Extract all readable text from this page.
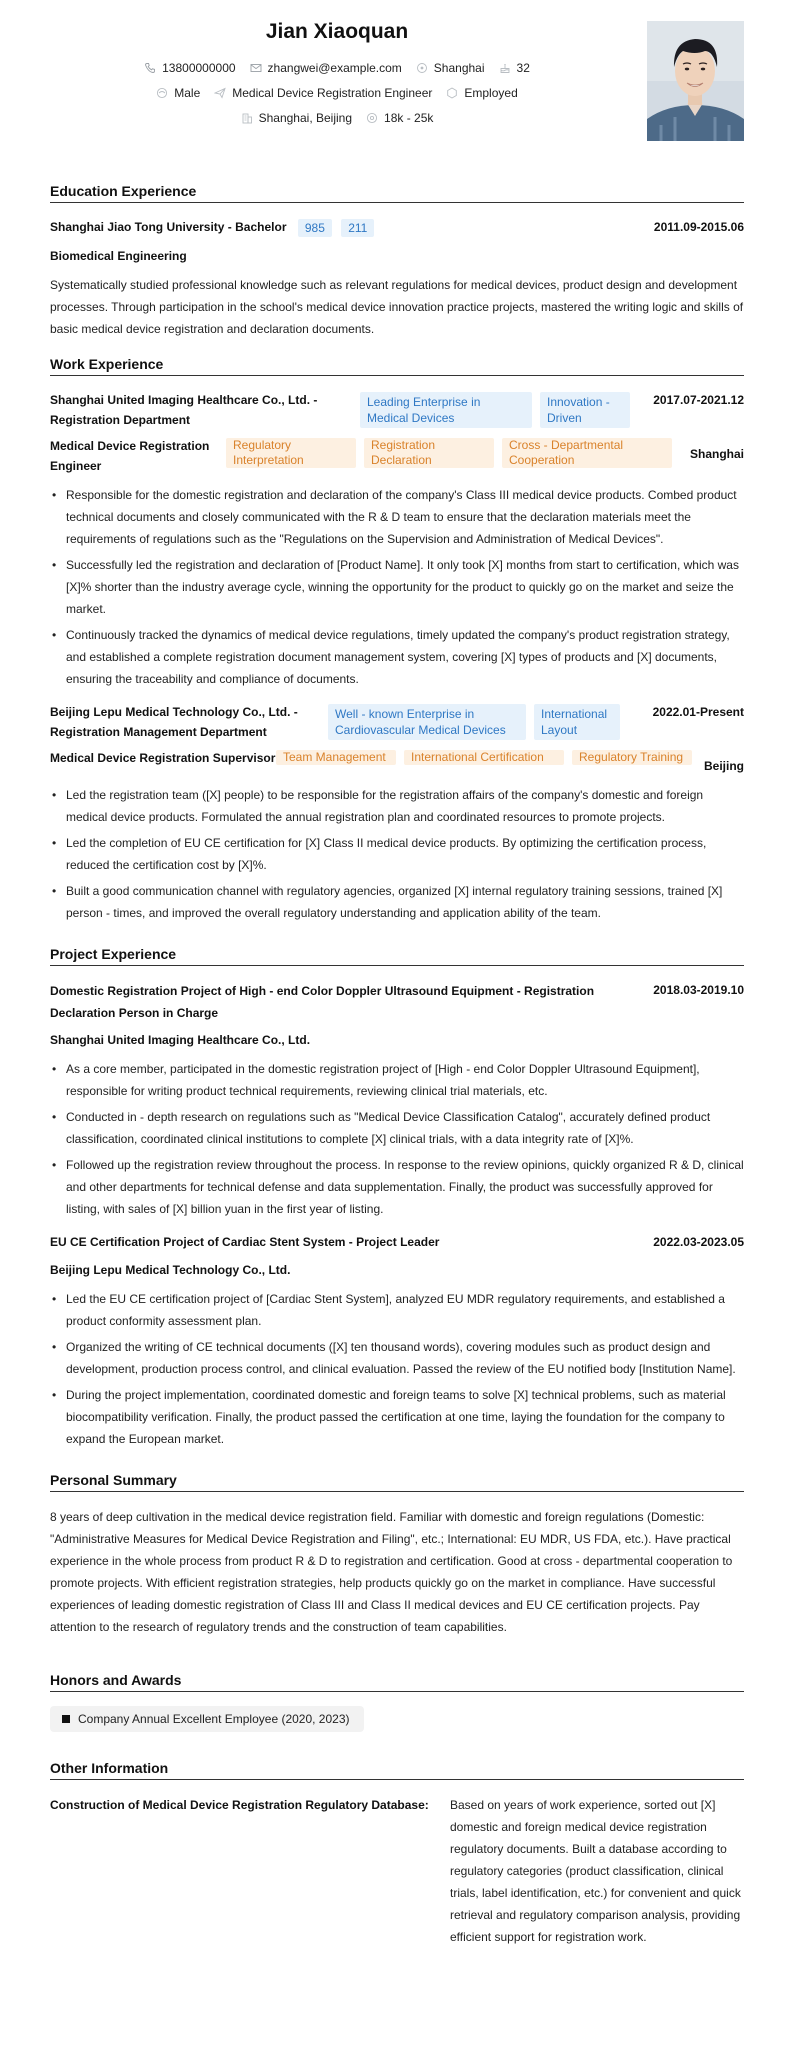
Jian Xiaoquan
13800000000	zhangwei@example.com	Shanghai	32
Male	Medical Device Registration Engineer	Employed
Shanghai, Beijing	18k - 25k
Education Experience
Shanghai Jiao Tong University - Bachelor 985 211	2011.09-2015.06
Biomedical Engineering
Systematically studied professional knowledge such as relevant regulations for medical devices, product design and development processes. Through participation in the school's medical device innovation practice projects, mastered the writing logic and skills of basic medical device registration and declaration documents.
Work Experience
Shanghai United Imaging Healthcare Co., Ltd. - Registration Department
Leading Enterprise in Medical Devices
Innovation - Driven
2017.07-2021.12
Medical Device Registration Engineer
Regulatory Interpretation
Registration Declaration
Cross - Departmental Cooperation	Shanghai
• Responsible for the domestic registration and declaration of the company's Class III medical device products. Combed product technical documents and closely communicated with the R & D team to ensure that the declaration materials meet the requirements of regulations such as the "Regulations on the Supervision and Administration of Medical Devices".
• Successfully led the registration and declaration of [Product Name]. It only took [X] months from start to certification, which was [X]% shorter than the industry average cycle, winning the opportunity for the product to quickly go on the market and seize the market.
• Continuously tracked the dynamics of medical device regulations, timely updated the company's product registration strategy, and established a complete registration document management system, covering [X] types of products and [X] documents, ensuring the traceability and compliance of documents.
Beijing Lepu Medical Technology Co., Ltd. - Registration Management Department
Well - known Enterprise in Cardiovascular Medical Devices
International Layout
2022.01-Present
Medical Device Registration Supervisor Team Management	International Certification	Regulatory Training
Beijing
• Led the registration team ([X] people) to be responsible for the registration affairs of the company's domestic and foreign medical device products. Formulated the annual registration plan and coordinated resources to promote projects.
• Led the completion of EU CE certification for [X] Class II medical device products. By optimizing the certification process, reduced the certification cost by [X]%.
• Built a good communication channel with regulatory agencies, organized [X] internal regulatory training sessions, trained [X] person - times, and improved the overall regulatory understanding and application ability of the team.
Project Experience
Domestic Registration Project of High - end Color Doppler Ultrasound Equipment - Registration Declaration Person in Charge
2018.03-2019.10
Shanghai United Imaging Healthcare Co., Ltd.
• As a core member, participated in the domestic registration project of [High - end Color Doppler Ultrasound Equipment], responsible for writing product technical requirements, reviewing clinical trial materials, etc.
• Conducted in - depth research on regulations such as "Medical Device Classification Catalog", accurately defined product classification, coordinated clinical institutions to complete [X] clinical trials, with a data integrity rate of [X]%.
• Followed up the registration review throughout the process. In response to the review opinions, quickly organized R & D, clinical and other departments for technical defense and data supplementation. Finally, the product was successfully approved for listing, with sales of [X] billion yuan in the first year of listing.
EU CE Certification Project of Cardiac Stent System - Project Leader	2022.03-2023.05
Beijing Lepu Medical Technology Co., Ltd.
• Led the EU CE certification project of [Cardiac Stent System], analyzed EU MDR regulatory requirements, and established a product conformity assessment plan.
• Organized the writing of CE technical documents ([X] ten thousand words), covering modules such as product design and development, production process control, and clinical evaluation. Passed the review of the EU notified body [Institution Name].
• During the project implementation, coordinated domestic and foreign teams to solve [X] technical problems, such as material biocompatibility verification. Finally, the product passed the certification at one time, laying the foundation for the company to expand the European market.
Personal Summary
8 years of deep cultivation in the medical device registration field. Familiar with domestic and foreign regulations (Domestic: "Administrative Measures for Medical Device Registration and Filing", etc.; International: EU MDR, US FDA, etc.). Have practical experience in the whole process from product R & D to registration and certification. Good at cross - departmental cooperation to promote projects. With efficient registration strategies, help products quickly go on the market in compliance. Have successful experiences of leading domestic registration of Class III and Class II medical devices and EU CE certification projects. Pay attention to the research of regulatory trends and the construction of team capabilities.
Honors and Awards
Company Annual Excellent Employee (2020, 2023)
Other Information
Construction of Medical Device Registration Regulatory Database:	Based on years of work experience, sorted out [X] domestic and foreign medical device registration regulatory documents. Built a database according to regulatory categories (product classification, clinical trials, label identification, etc.) for convenient and quick retrieval and regulatory comparison analysis, providing efficient support for registration work.
